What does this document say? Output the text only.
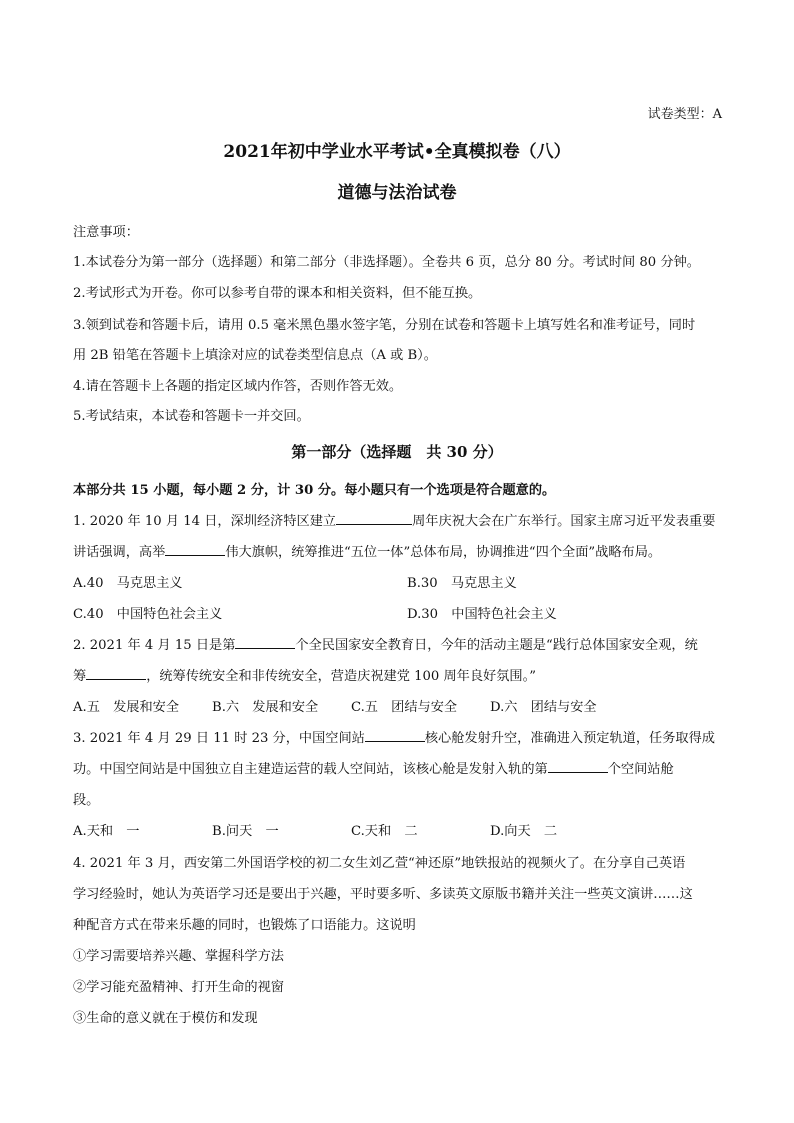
试卷类型：A
2021年初中学业水平考试•全真模拟卷（八）
道德与法治试卷
注意事项：
1.本试卷分为第一部分（选择题）和第二部分（非选择题）。全卷共 6 页，总分 80 分。考试时间 80 分钟。
2.考试形式为开卷。你可以参考自带的课本和相关资料，但不能互换。
3.领到试卷和答题卡后，请用 0.5 毫米黑色墨水签字笔，分别在试卷和答题卡上填写姓名和准考证号，同时
用 2B 铅笔在答题卡上填涂对应的试卷类型信息点（A 或 B）。
4.请在答题卡上各题的指定区域内作答，否则作答无效。
5.考试结束，本试卷和答题卡一并交回。
第一部分（选择题　共 30 分）
本部分共 15 小题，每小题 2 分，计 30 分。每小题只有一个选项是符合题意的。
1. 2020 年 10 月 14 日，深圳经济特区建立	周年庆祝大会在广东举行。国家主席习近平发表重要
讲话强调，高举	伟大旗帜，统筹推进“五位一体”总体布局，协调推进“四个全面”战略布局。
A.40　马克思主义	B.30　马克思主义
C.40　中国特色社会主义	D.30　中国特色社会主义
2. 2021 年 4 月 15 日是第	个全民国家安全教育日，今年的活动主题是“践行总体国家安全观，统
筹	，统筹传统安全和非传统安全，营造庆祝建党 100 周年良好氛围。”
A.五　发展和安全 B.六　发展和安全 C.五　团结与安全 D.六　团结与安全
3. 2021 年 4 月 29 日 11 时 23 分，中国空间站	核心舱发射升空，准确进入预定轨道，任务取得成
功。中国空间站是中国独立自主建造运营的载人空间站，该核心舱是发射入轨的第	个空间站舱
段。
A.天和　一	B.问天　一	C.天和　二	D.向天　二
4. 2021 年 3 月，西安第二外国语学校的初二女生刘乙萱“神还原”地铁报站的视频火了。在分享自己英语
学习经验时，她认为英语学习还是要出于兴趣，平时要多听、多读英文原版书籍并关注一些英文演讲……这
种配音方式在带来乐趣的同时，也锻炼了口语能力。这说明
①学习需要培养兴趣、掌握科学方法
②学习能充盈精神、打开生命的视窗
③生命的意义就在于模仿和发现
